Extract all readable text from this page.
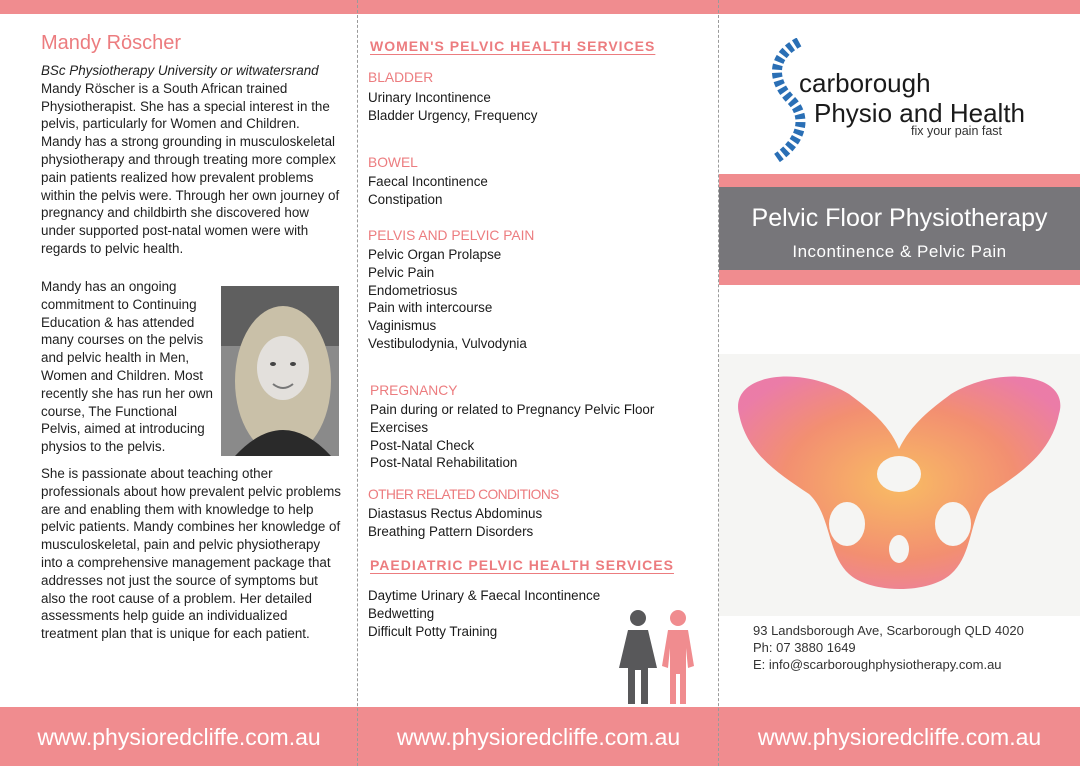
Mandy Röscher
BSc Physiotherapy University or witwatersrand
Mandy Röscher is a South African trained Physiotherapist. She has a special interest in the pelvis, particularly for Women and Children. Mandy has a strong grounding in musculoskeletal physiotherapy and through treating more complex pain patients realized how prevalent problems within the pelvis were. Through her own journey of pregnancy and childbirth she discovered how under supported post-natal women were with regards to pelvic health.
Mandy has an ongoing commitment to Continuing Education & has attended many courses on the pelvis and pelvic health in Men, Women and Children. Most recently she has run her own course, The Functional Pelvis, aimed at introducing physios to the pelvis.
She is passionate about teaching other professionals about how prevalent pelvic problems are and enabling them with knowledge to help pelvic patients. Mandy combines her knowledge of musculoskeletal, pain and pelvic physiotherapy into a comprehensive management package that addresses not just the source of symptoms but also the root cause of a problem. Her detailed assessments help guide an individualized treatment plan that is unique for each patient.
www.physioredcliffe.com.au
WOMEN'S PELVIC HEALTH SERVICES
BLADDER
Urinary Incontinence
Bladder Urgency, Frequency
BOWEL
Faecal Incontinence
Constipation
PELVIS AND PELVIC PAIN
Pelvic Organ Prolapse
Pelvic Pain
Endometriosus
Pain with intercourse
Vaginismus
Vestibulodynia, Vulvodynia
PREGNANCY
Pain during or related to Pregnancy Pelvic Floor
Exercises
Post-Natal Check
Post-Natal Rehabilitation
OTHER RELATED CONDITIONS
Diastasus Rectus Abdominus
Breathing Pattern Disorders
PAEDIATRIC PELVIC HEALTH SERVICES
Daytime Urinary & Faecal Incontinence
Bedwetting
Difficult Potty Training
www.physioredcliffe.com.au
carborough
Physio and Health
fix your pain fast
Pelvic Floor Physiotherapy
Incontinence & Pelvic Pain
93 Landsborough Ave, Scarborough QLD 4020
Ph: 07 3880 1649
E: info@scarboroughphysiotherapy.com.au
www.physioredcliffe.com.au
